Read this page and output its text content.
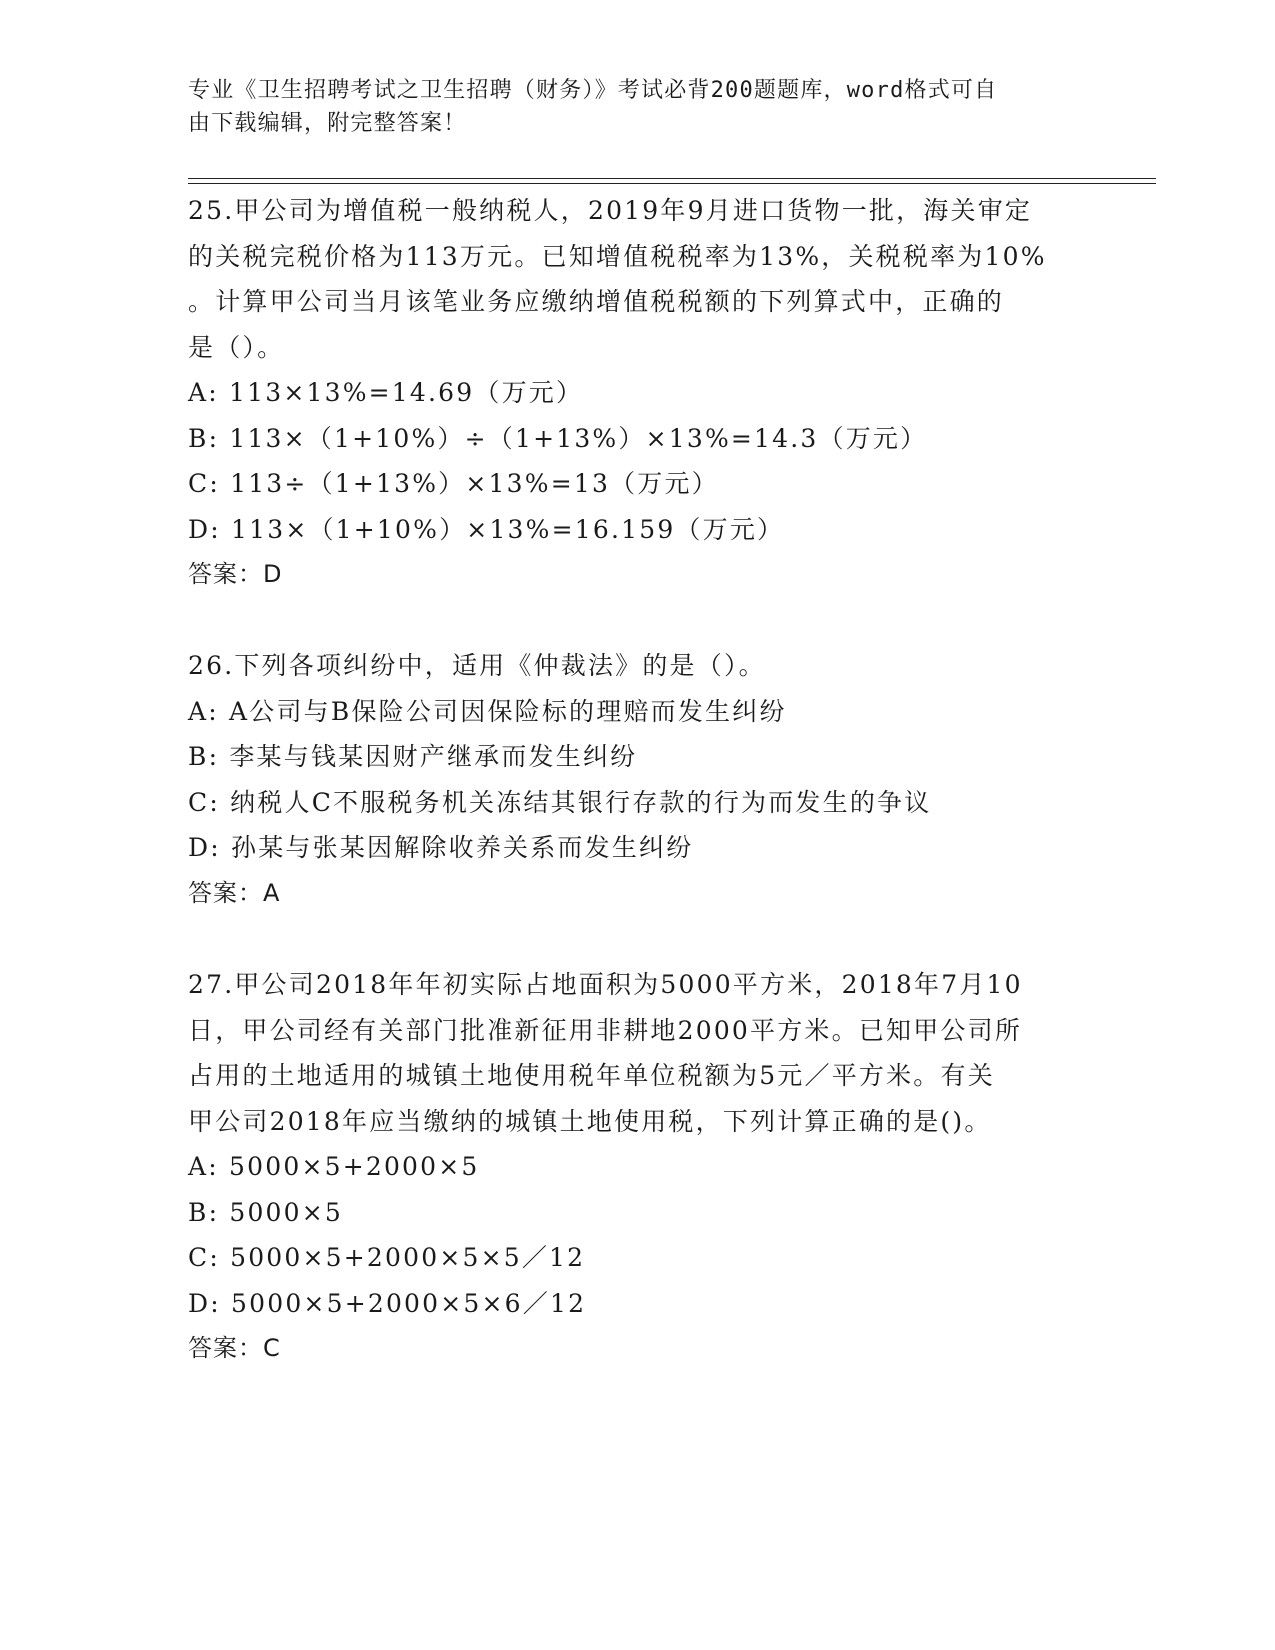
专业《卫生招聘考试之卫生招聘（财务）》考试必背200题题库，word格式可自
由下载编辑，附完整答案！
25.甲公司为增值税一般纳税人，2019年9月进口货物一批，海关审定
的关税完税价格为113万元。已知增值税税率为13%，关税税率为10%
。计算甲公司当月该笔业务应缴纳增值税税额的下列算式中，正确的
是（）。
A: 113×13%=14.69（万元）
B: 113×（1+10%）÷（1+13%）×13%=14.3（万元）
C: 113÷（1+13%）×13%=13（万元）
D: 113×（1+10%）×13%=16.159（万元）
答案：D
26.下列各项纠纷中，适用《仲裁法》的是（）。
A: A公司与B保险公司因保险标的理赔而发生纠纷
B: 李某与钱某因财产继承而发生纠纷
C: 纳税人C不服税务机关冻结其银行存款的行为而发生的争议
D: 孙某与张某因解除收养关系而发生纠纷
答案：A
27.甲公司2018年年初实际占地面积为5000平方米，2018年7月10
日，甲公司经有关部门批准新征用非耕地2000平方米。已知甲公司所
占用的土地适用的城镇土地使用税年单位税额为5元／平方米。有关
甲公司2018年应当缴纳的城镇土地使用税，下列计算正确的是()。
A: 5000×5+2000×5
B: 5000×5
C: 5000×5+2000×5×5／12
D: 5000×5+2000×5×6／12
答案：C
